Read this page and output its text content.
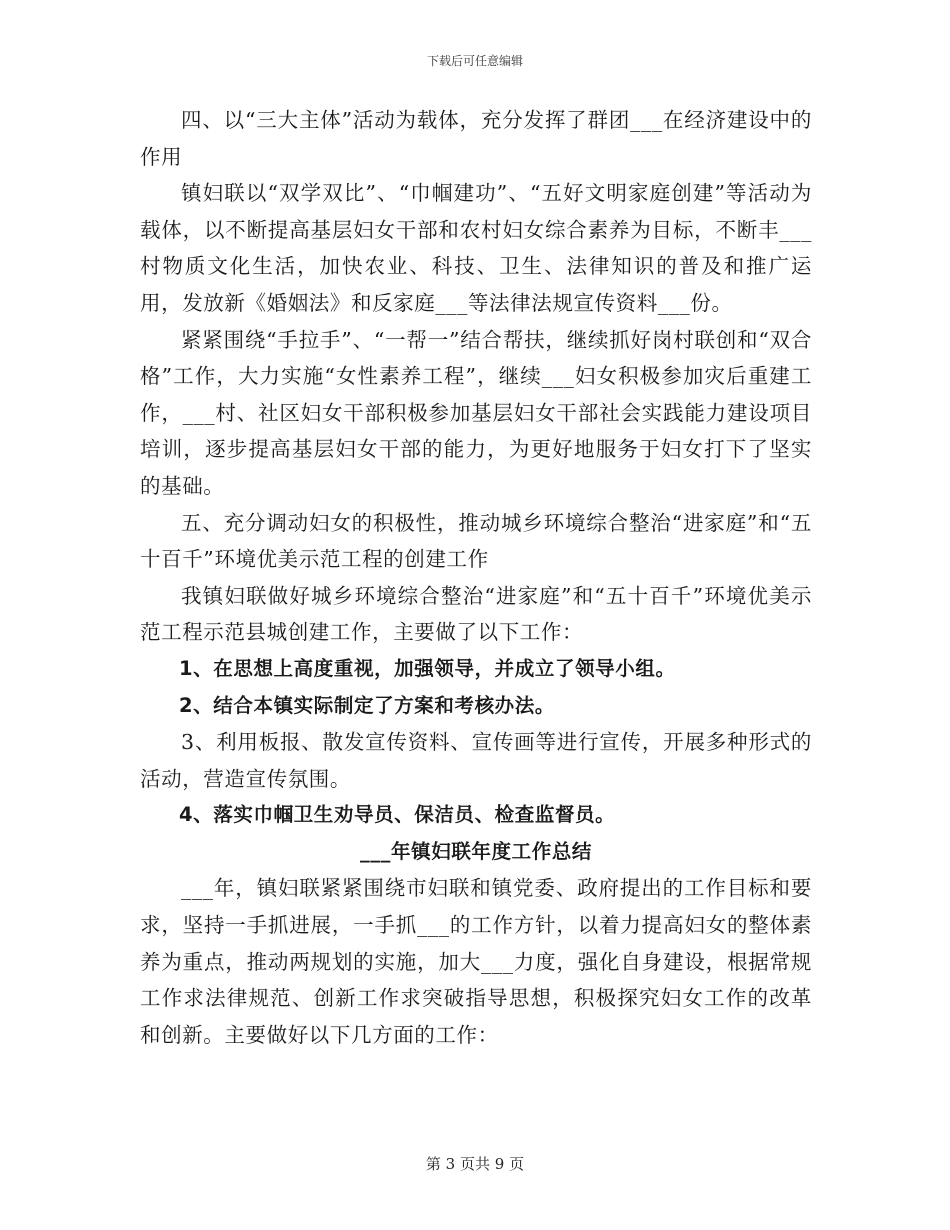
下载后可任意编辑

四、以“三大主体”活动为载体，充分发挥了群团___在经济建设中的作用

镇妇联以“双学双比”、“巾帼建功”、“五好文明家庭创建”等活动为载体，以不断提高基层妇女干部和农村妇女综合素养为目标，不断丰___村物质文化生活，加快农业、科技、卫生、法律知识的普及和推广运用，发放新《婚姻法》和反家庭___等法律法规宣传资料___份。

紧紧围绕“手拉手”、“一帮一”结合帮扶，继续抓好岗村联创和“双合格”工作，大力实施“女性素养工程”，继续___妇女积极参加灾后重建工作，___村、社区妇女干部积极参加基层妇女干部社会实践能力建设项目培训，逐步提高基层妇女干部的能力，为更好地服务于妇女打下了坚实的基础。

五、充分调动妇女的积极性，推动城乡环境综合整治“进家庭”和“五十百千”环境优美示范工程的创建工作

我镇妇联做好城乡环境综合整治“进家庭”和“五十百千”环境优美示范工程示范县城创建工作，主要做了以下工作：

1、在思想上高度重视，加强领导，并成立了领导小组。

2、结合本镇实际制定了方案和考核办法。

3、利用板报、散发宣传资料、宣传画等进行宣传，开展多种形式的活动，营造宣传氛围。

4、落实巾帼卫生劝导员、保洁员、检查监督员。

___年镇妇联年度工作总结

___年，镇妇联紧紧围绕市妇联和镇党委、政府提出的工作目标和要求，坚持一手抓进展，一手抓___的工作方针，以着力提高妇女的整体素养为重点，推动两规划的实施，加大___力度，强化自身建设，根据常规工作求法律规范、创新工作求突破指导思想，积极探究妇女工作的改革和创新。主要做好以下几方面的工作：

第 3 页共 9 页
